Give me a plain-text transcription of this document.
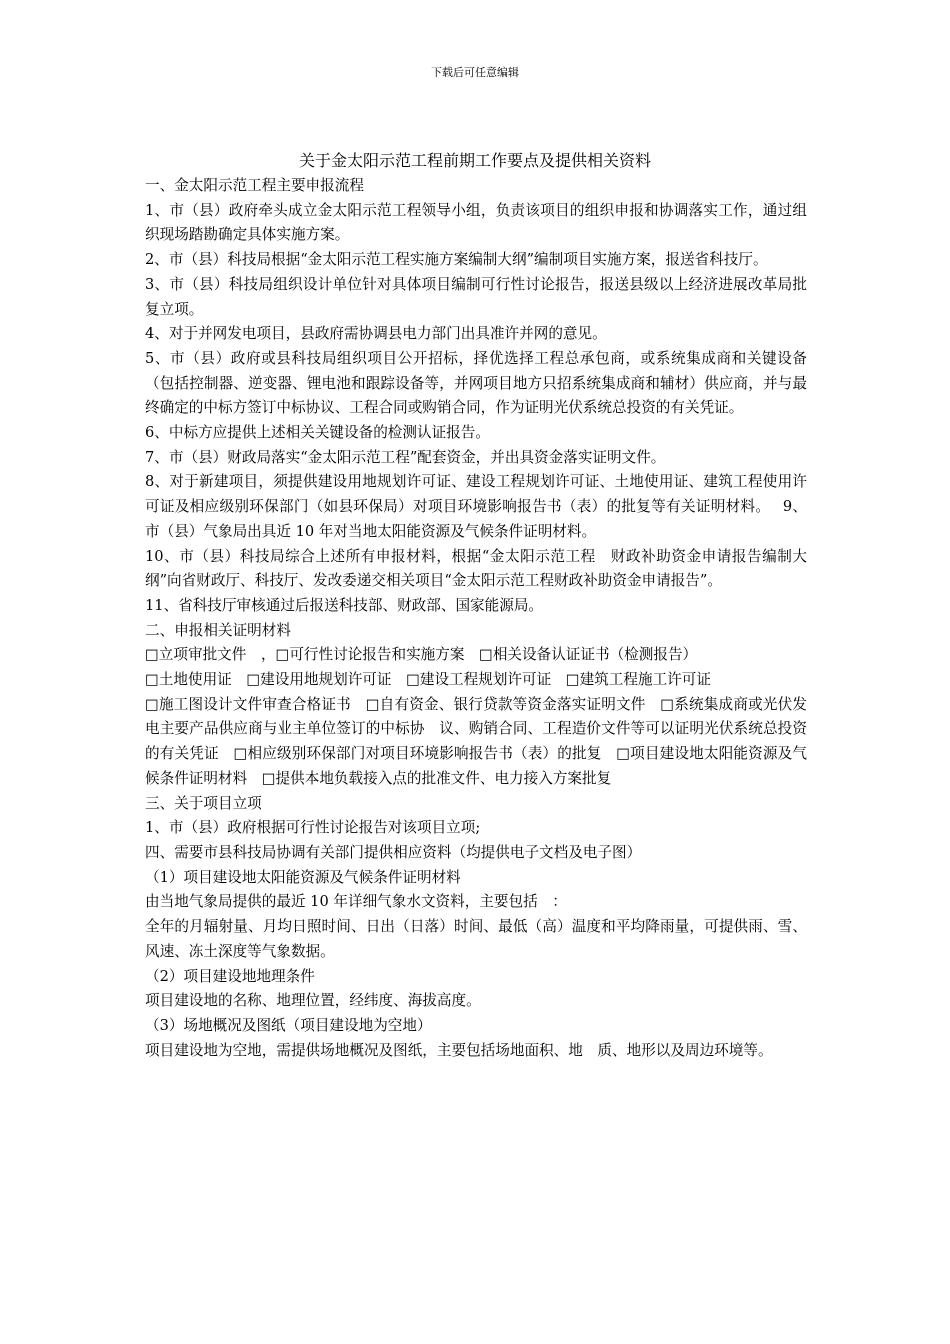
下载后可任意编辑
关于金太阳示范工程前期工作要点及提供相关资料

一、金太阳示范工程主要申报流程

1、市（县）政府牵头成立金太阳示范工程领导小组，负责该项目的组织申报和协调落实工作，通过组织现场踏勘确定具体实施方案。

2、市（县）科技局根据“金太阳示范工程实施方案编制大纲”编制项目实施方案，报送省科技厅。

3、市（县）科技局组织设计单位针对具体项目编制可行性讨论报告，报送县级以上经济进展改革局批复立项。

4、对于并网发电项目，县政府需协调县电力部门出具准许并网的意见。

5、市（县）政府或县科技局组织项目公开招标，择优选择工程总承包商，或系统集成商和关键设备（包括控制器、逆变器、锂电池和跟踪设备等，并网项目地方只招系统集成商和辅材）供应商，并与最终确定的中标方签订中标协议、工程合同或购销合同，作为证明光伏系统总投资的有关凭证。

6、中标方应提供上述相关关键设备的检测认证报告。

7、市（县）财政局落实“金太阳示范工程”配套资金，并出具资金落实证明文件。

8、对于新建项目，须提供建设用地规划许可证、建设工程规划许可证、土地使用证、建筑工程使用许可证及相应级别环保部门（如县环保局）对项目环境影响报告书（表）的批复等有关证明材料。　 9、市（县）气象局出具近 10 年对当地太阳能资源及气候条件证明材料。

10、市（县）科技局综合上述所有申报材料，根据“金太阳示范工程　财政补助资金申请报告编制大纲”向省财政厅、科技厅、发改委递交相关项目“金太阳示范工程财政补助资金申请报告”。

11、省科技厅审核通过后报送科技部、财政部、国家能源局。

二、申报相关证明材料

□立项审批文件　，□可行性讨论报告和实施方案　□相关设备认证证书（检测报告）

□土地使用证　□建设用地规划许可证　□建设工程规划许可证　□建筑工程施工许可证

□施工图设计文件审查合格证书　□自有资金、银行贷款等资金落实证明文件　□系统集成商或光伏发电主要产品供应商与业主单位签订的中标协　议、购销合同、工程造价文件等可以证明光伏系统总投资的有关凭证　□相应级别环保部门对项目环境影响报告书（表）的批复　□项目建设地太阳能资源及气候条件证明材料　□提供本地负载接入点的批准文件、电力接入方案批复

三、关于项目立项

1、市（县）政府根据可行性讨论报告对该项目立项;

四、需要市县科技局协调有关部门提供相应资料（均提供电子文档及电子图）

（1）项目建设地太阳能资源及气候条件证明材料

由当地气象局提供的最近 10 年详细气象水文资料，主要包括　：

全年的月辐射量、月均日照时间、日出（日落）时间、最低（高）温度和平均降雨量，可提供雨、雪、风速、冻土深度等气象数据。

（2）项目建设地地理条件

项目建设地的名称、地理位置，经纬度、海拔高度。

（3）场地概况及图纸（项目建设地为空地）

项目建设地为空地，需提供场地概况及图纸，主要包括场地面积、地　质、地形以及周边环境等。
